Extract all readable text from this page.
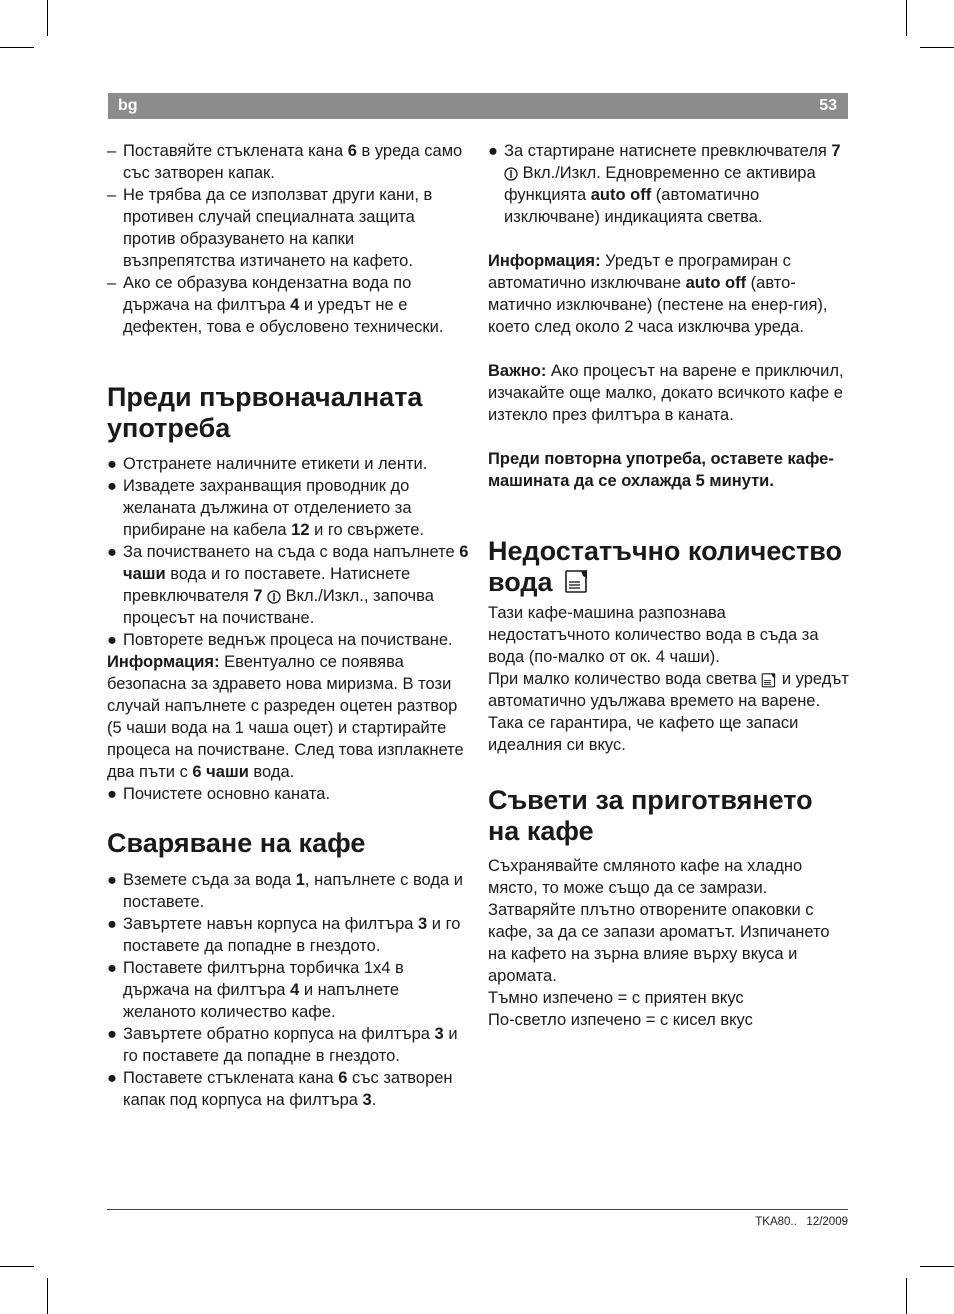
bg	53
– Поставяйте стъклената кана 6 в уреда само със затворен капак.
– Не трябва да се използват други кани, в противен случай специалната защита против образуването на капки възпрепятства изтичането на кафето.
– Ако се образува кондензатна вода по държача на филтъра 4 и уредът не е дефектен, това е обусловено технически.
Преди първоначалната употреба
● Отстранете наличните етикети и ленти.
● Извадете захранващия проводник до желаната дължина от отделението за прибиране на кабела 12 и го свържете.
● За почистването на съда с вода напълнете 6 чаши вода и го поставете. Натиснете превключвателя 7  Вкл./Изкл., започва процесът на почистване.
● Повторете веднъж процеса на почистване.

Информация: Евентуално се появява безопасна за здравето нова миризма. В този случай напълнете с разреден оцетен разтвор (5 чаши вода на 1 чаша оцет) и стартирайте процеса на почистване. След това изплакнете два пъти с 6 чаши вода.

● Почистете основно каната.
Сваряване на кафе
● Вземете съда за вода 1, напълнете с вода и поставете.
● Завъртете навън корпуса на филтъра 3 и го поставете да попадне в гнездото.
● Поставете филтърна торбичка 1x4 в държача на филтъра 4 и напълнете желаното количество кафе.
● Завъртете обратно корпуса на филтъра 3 и го поставете да попадне в гнездото.
● Поставете стъклената кана 6 със затворен капак под корпуса на филтъра 3.
● За стартиране натиснете превключвателя 7  Вкл./Изкл. Едновременно се активира функцията auto off (автоматично изключване) индикацията светва.

Информация: Уредът е програмиран с автоматично изключване auto off (авто-матично изключване) (пестене на енер-гия), което след около 2 часа изключва уреда.

Важно: Ако процесът на варене е приключил, изчакайте още малко, докато всичкото кафе е изтекло през филтъра в каната.

Преди повторна употреба, оставете кафе-машината да се охлажда 5 минути.

Недостатъчно количество вода

Тази кафе-машина разпознава недостатъчното количество вода в съда за вода (по-малко от ок. 4 чаши).

При малко количество вода светва  и уредът автоматично удължава времето на варене. Така се гарантира, че кафето ще запаси идеалния си вкус.

Съвети за приготвянето на кафе

Съхранявайте смляното кафе на хладно място, то може също да се замрази. Затваряйте плътно отворените опаковки с кафе, за да се запази ароматът. Изпичането на кафето на зърна влияе върху вкуса и аромата.

Тъмно изпечено = с приятен вкус

По-светло изпечено = с кисел вкус

TKA80.. 12/2009
